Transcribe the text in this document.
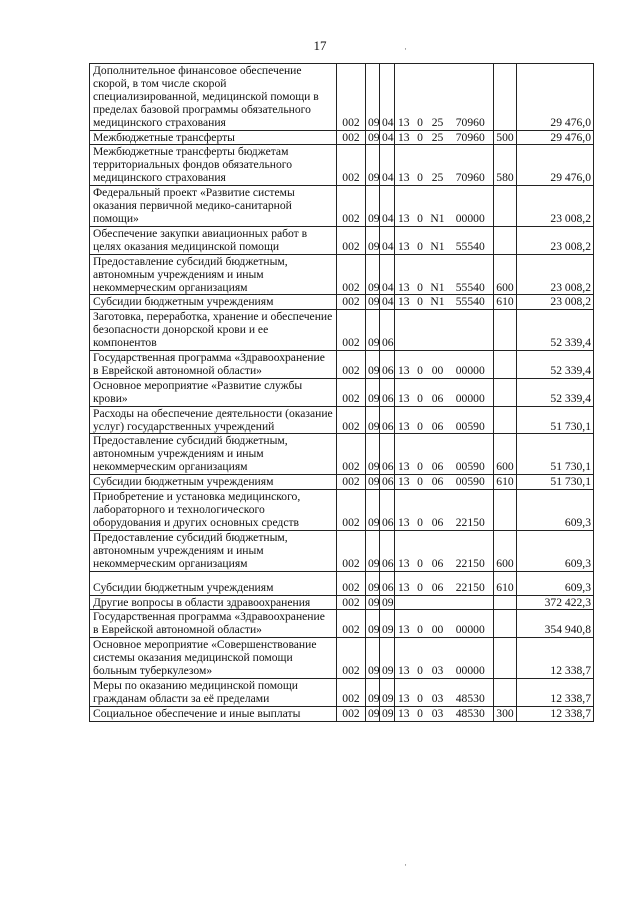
17	·
·
Дополнительное финансовое обеспечение скорой, в том числе скорой специализированной, медицинской помощи в пределах базовой программы обязательного медицинского страхования	002	09	04	13	0	25	70960		29 476,0
Межбюджетные трансферты	002	09	04	13	0	25	70960	500	29 476,0
Межбюджетные трансферты бюджетам территориальных фондов обязательного медицинского страхования	002	09	04	13	0	25	70960	580	29 476,0
Федеральный проект «Развитие системы оказания первичной медико-санитарной помощи»	002	09	04	13	0	N1	00000		23 008,2
Обеспечение закупки авиационных работ в целях оказания медицинской помощи	002	09	04	13	0	N1	55540		23 008,2
Предоставление субсидий бюджетным, автономным учреждениям и иным некоммерческим организациям	002	09	04	13	0	N1	55540	600	23 008,2
Субсидии бюджетным учреждениям	002	09	04	13	0	N1	55540	610	23 008,2
Заготовка, переработка, хранение и обеспечение безопасности донорской крови и ее компонентов	002	09	06						52 339,4
Государственная программа «Здравоохранение в Еврейской автономной области»	002	09	06	13	0	00	00000		52 339,4
Основное мероприятие «Развитие службы крови»	002	09	06	13	0	06	00000		52 339,4
Расходы на обеспечение деятельности (оказание услуг) государственных учреждений	002	09	06	13	0	06	00590		51 730,1
Предоставление субсидий бюджетным, автономным учреждениям и иным некоммерческим организациям	002	09	06	13	0	06	00590	600	51 730,1
Субсидии бюджетным учреждениям	002	09	06	13	0	06	00590	610	51 730,1
Приобретение и установка медицинского, лабораторного и технологического оборудования и других основных средств	002	09	06	13	0	06	22150		609,3
Предоставление субсидий бюджетным, автономным учреждениям и иным некоммерческим организациям	002	09	06	13	0	06	22150	600	609,3
Субсидии бюджетным учреждениям	002	09	06	13	0	06	22150	610	609,3
Другие вопросы в области здравоохранения	002	09	09						372 422,3
Государственная программа «Здравоохранение в Еврейской автономной области»	002	09	09	13	0	00	00000		354 940,8
Основное мероприятие «Совершенствование системы оказания медицинской помощи больным туберкулезом»	002	09	09	13	0	03	00000		12 338,7
Меры по оказанию медицинской помощи гражданам области за её пределами	002	09	09	13	0	03	48530		12 338,7
Социальное обеспечение и иные выплаты	002	09	09	13	0	03	48530	300	12 338,7
